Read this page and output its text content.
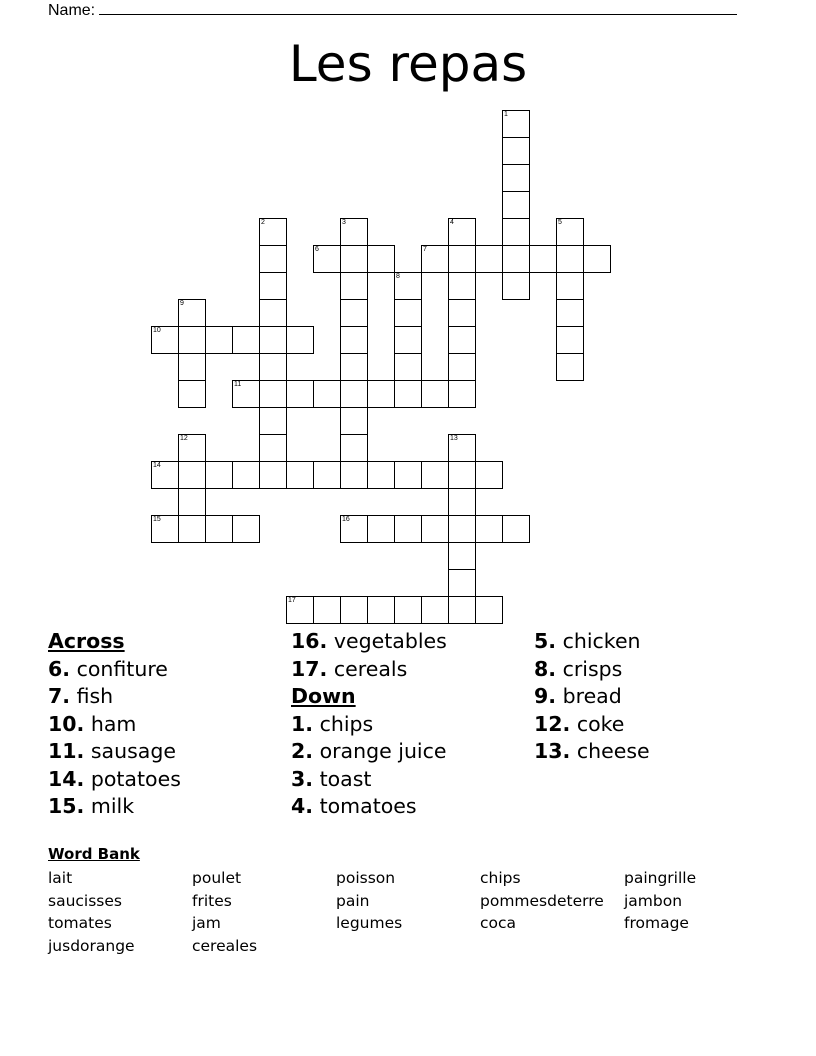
Name:
Les repas
1
2	3	4	5
6	7
8
9
10
11
12	13
14
15	16
17
Across
6. confiture
7. fish
10. ham
11. sausage
14. potatoes
15. milk
16. vegetables
17. cereals
Down
1. chips
2. orange juice
3. toast
4. tomatoes
5. chicken
8. crisps
9. bread
12. coke
13. cheese
Word Bank
lait	poulet	poisson	chips	paingrille
saucisses	frites	pain	pommesdeterre jambon
tomates	jam	legumes	coca	fromage
jusdorange	cereales
